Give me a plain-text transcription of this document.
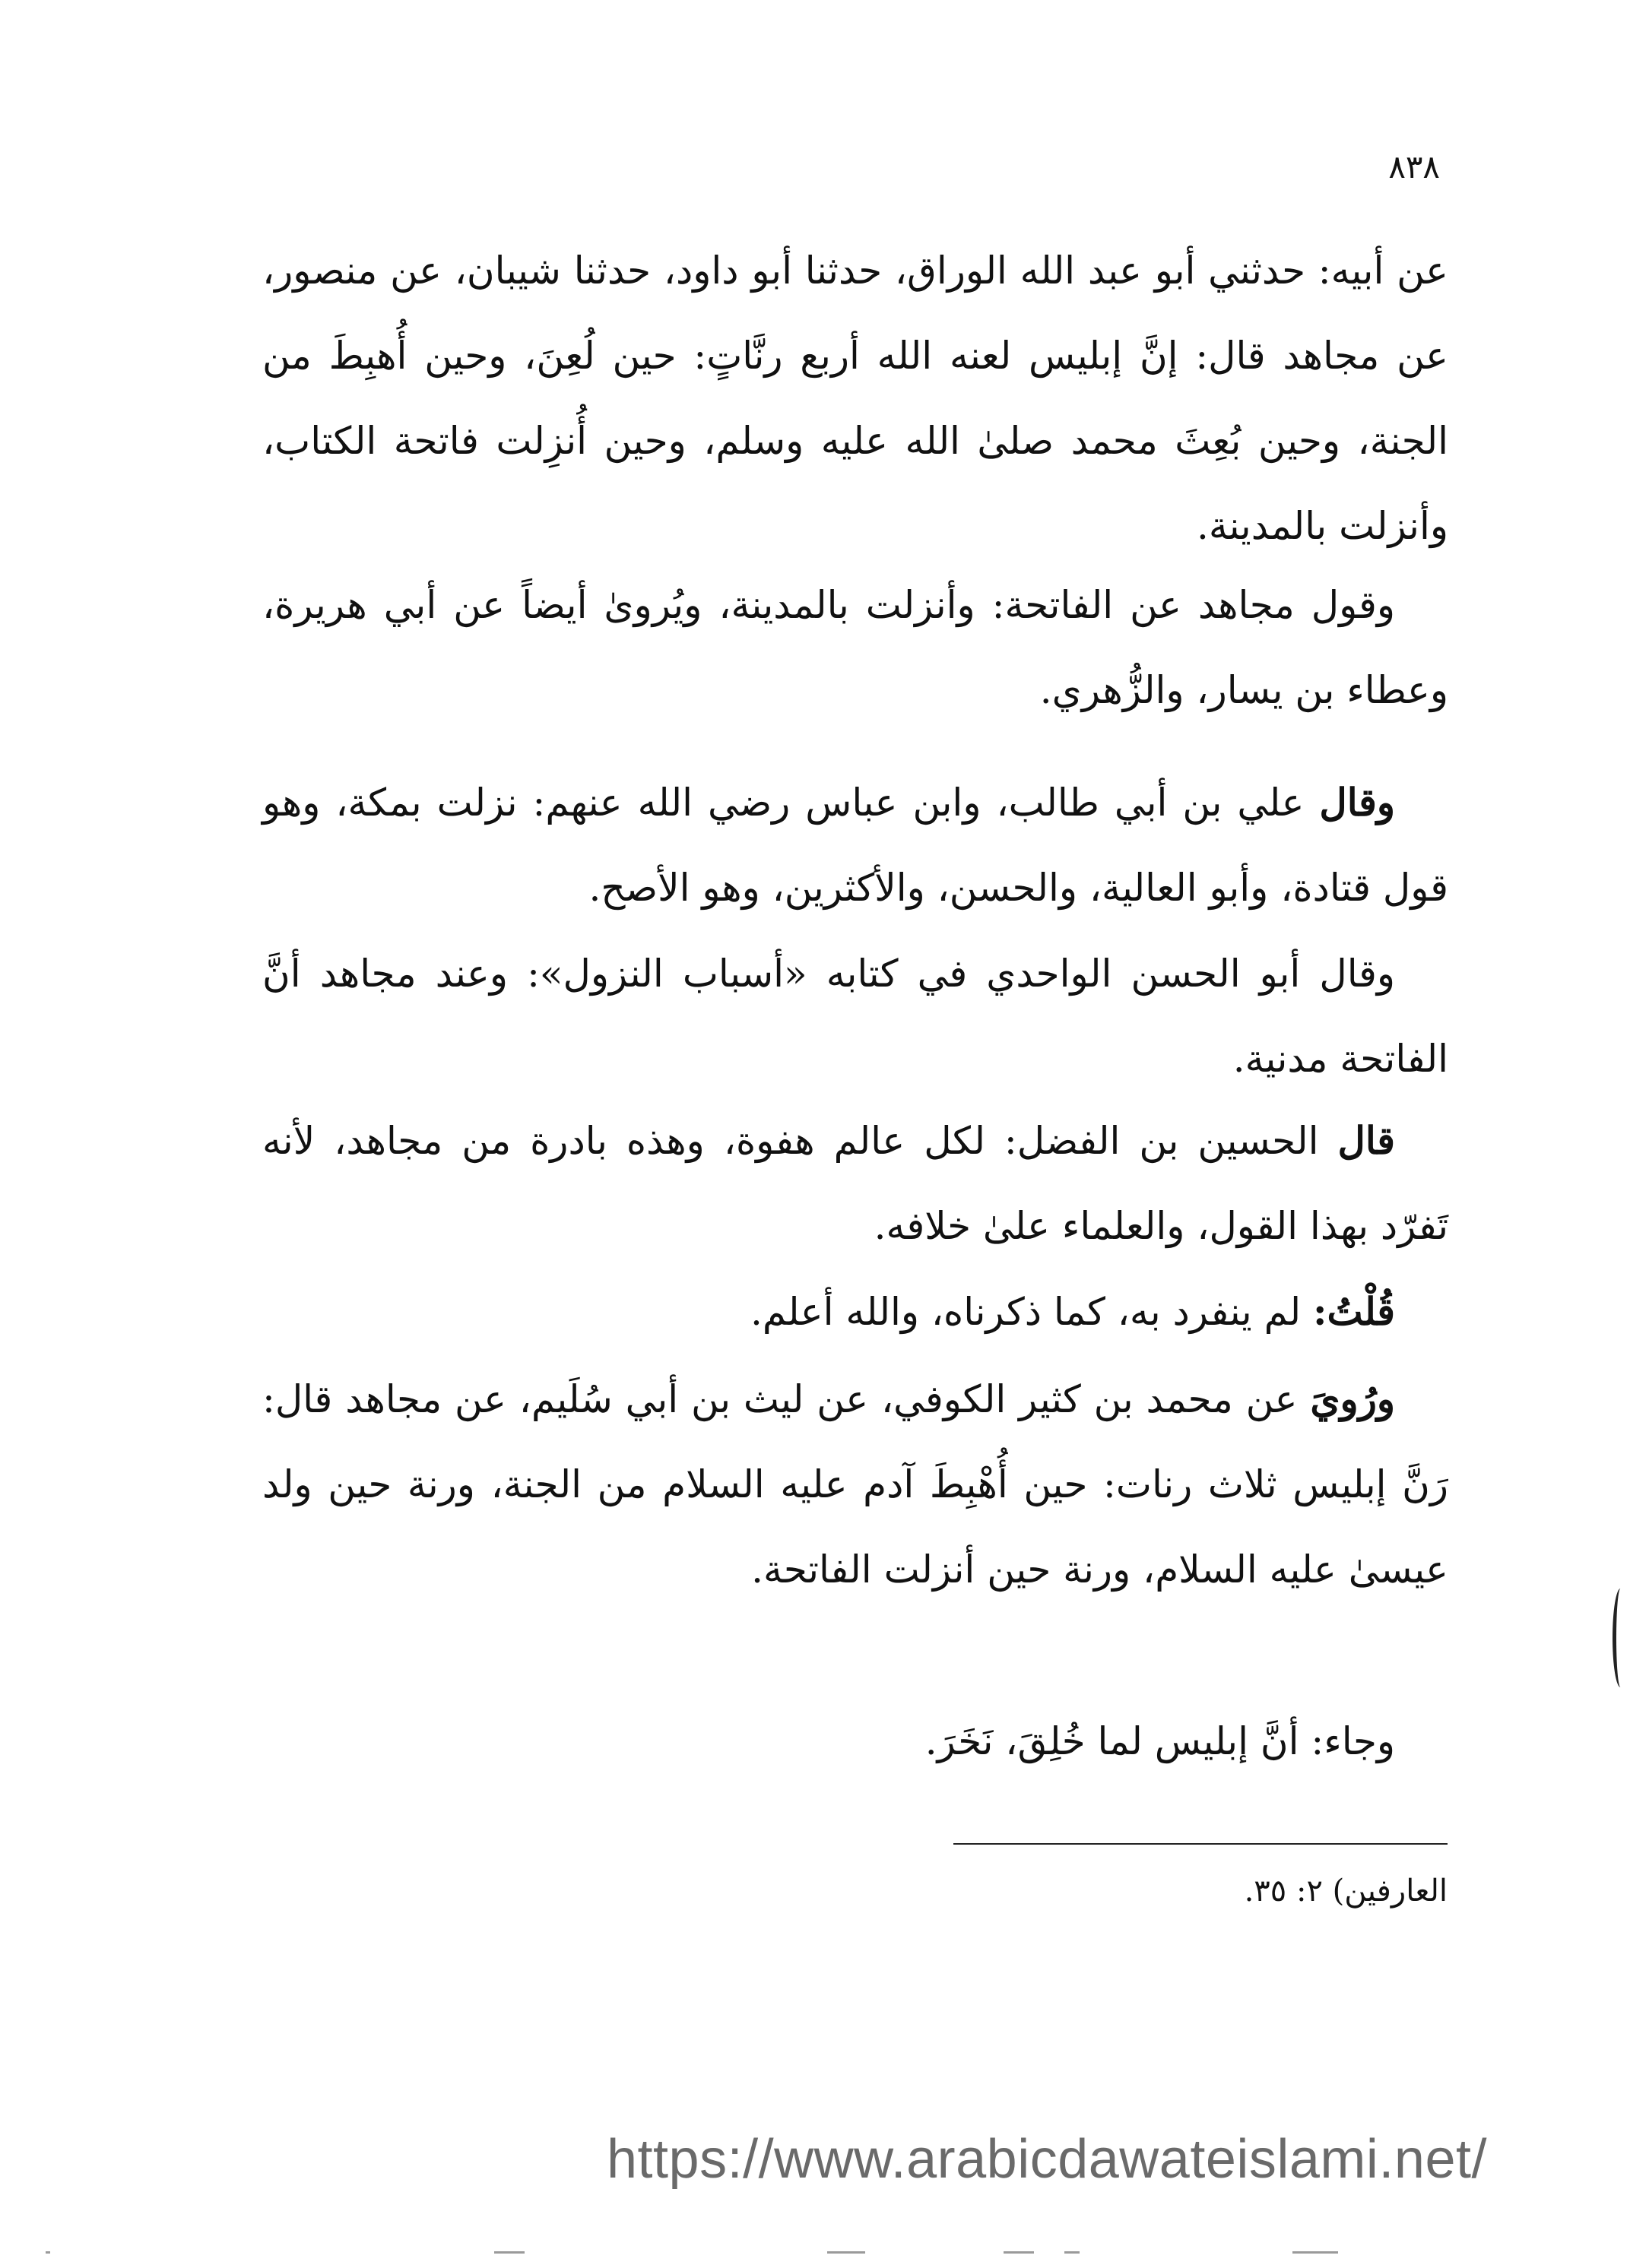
٨٣٨

عن أبيه: حدثني أبو عبد الله الوراق، حدثنا أبو داود، حدثنا شيبان، عن منصور، عن مجاهد قال: إنَّ إبليس لعنه الله أربع رنَّاتٍ: حين لُعِنَ، وحين أُهبِطَ من الجنة، وحين بُعِثَ محمد صلىٰ الله عليه وسلم، وحين أُنزِلت فاتحة الكتاب، وأنزلت بالمدينة.

وقول مجاهد عن الفاتحة: وأنزلت بالمدينة، ويُروىٰ أيضاً عن أبي هريرة، وعطاء بن يسار، والزُّهري.

وقال علي بن أبي طالب، وابن عباس رضي الله عنهم: نزلت بمكة، وهو قول قتادة، وأبو العالية، والحسن، والأكثرين، وهو الأصح.

وقال أبو الحسن الواحدي في كتابه «أسباب النزول»: وعند مجاهد أنَّ الفاتحة مدنية.

قال الحسين بن الفضل: لكل عالم هفوة، وهذه بادرة من مجاهد، لأنه تَفرّد بهذا القول، والعلماء علىٰ خلافه.

قُلْتُ: لم ينفرد به، كما ذكرناه، والله أعلم.

ورُويَ عن محمد بن كثير الكوفي، عن ليث بن أبي سُلَيم، عن مجاهد قال: رَنَّ إبليس ثلاث رنات: حين أُهْبِطَ آدم عليه السلام من الجنة، ورنة حين ولد عيسىٰ عليه السلام، ورنة حين أنزلت الفاتحة.

وجاء: أنَّ إبليس لما خُلِقَ، نَخَرَ.

العارفين) ٢: ٣٥.
https://www.arabicdawateislami.net/
